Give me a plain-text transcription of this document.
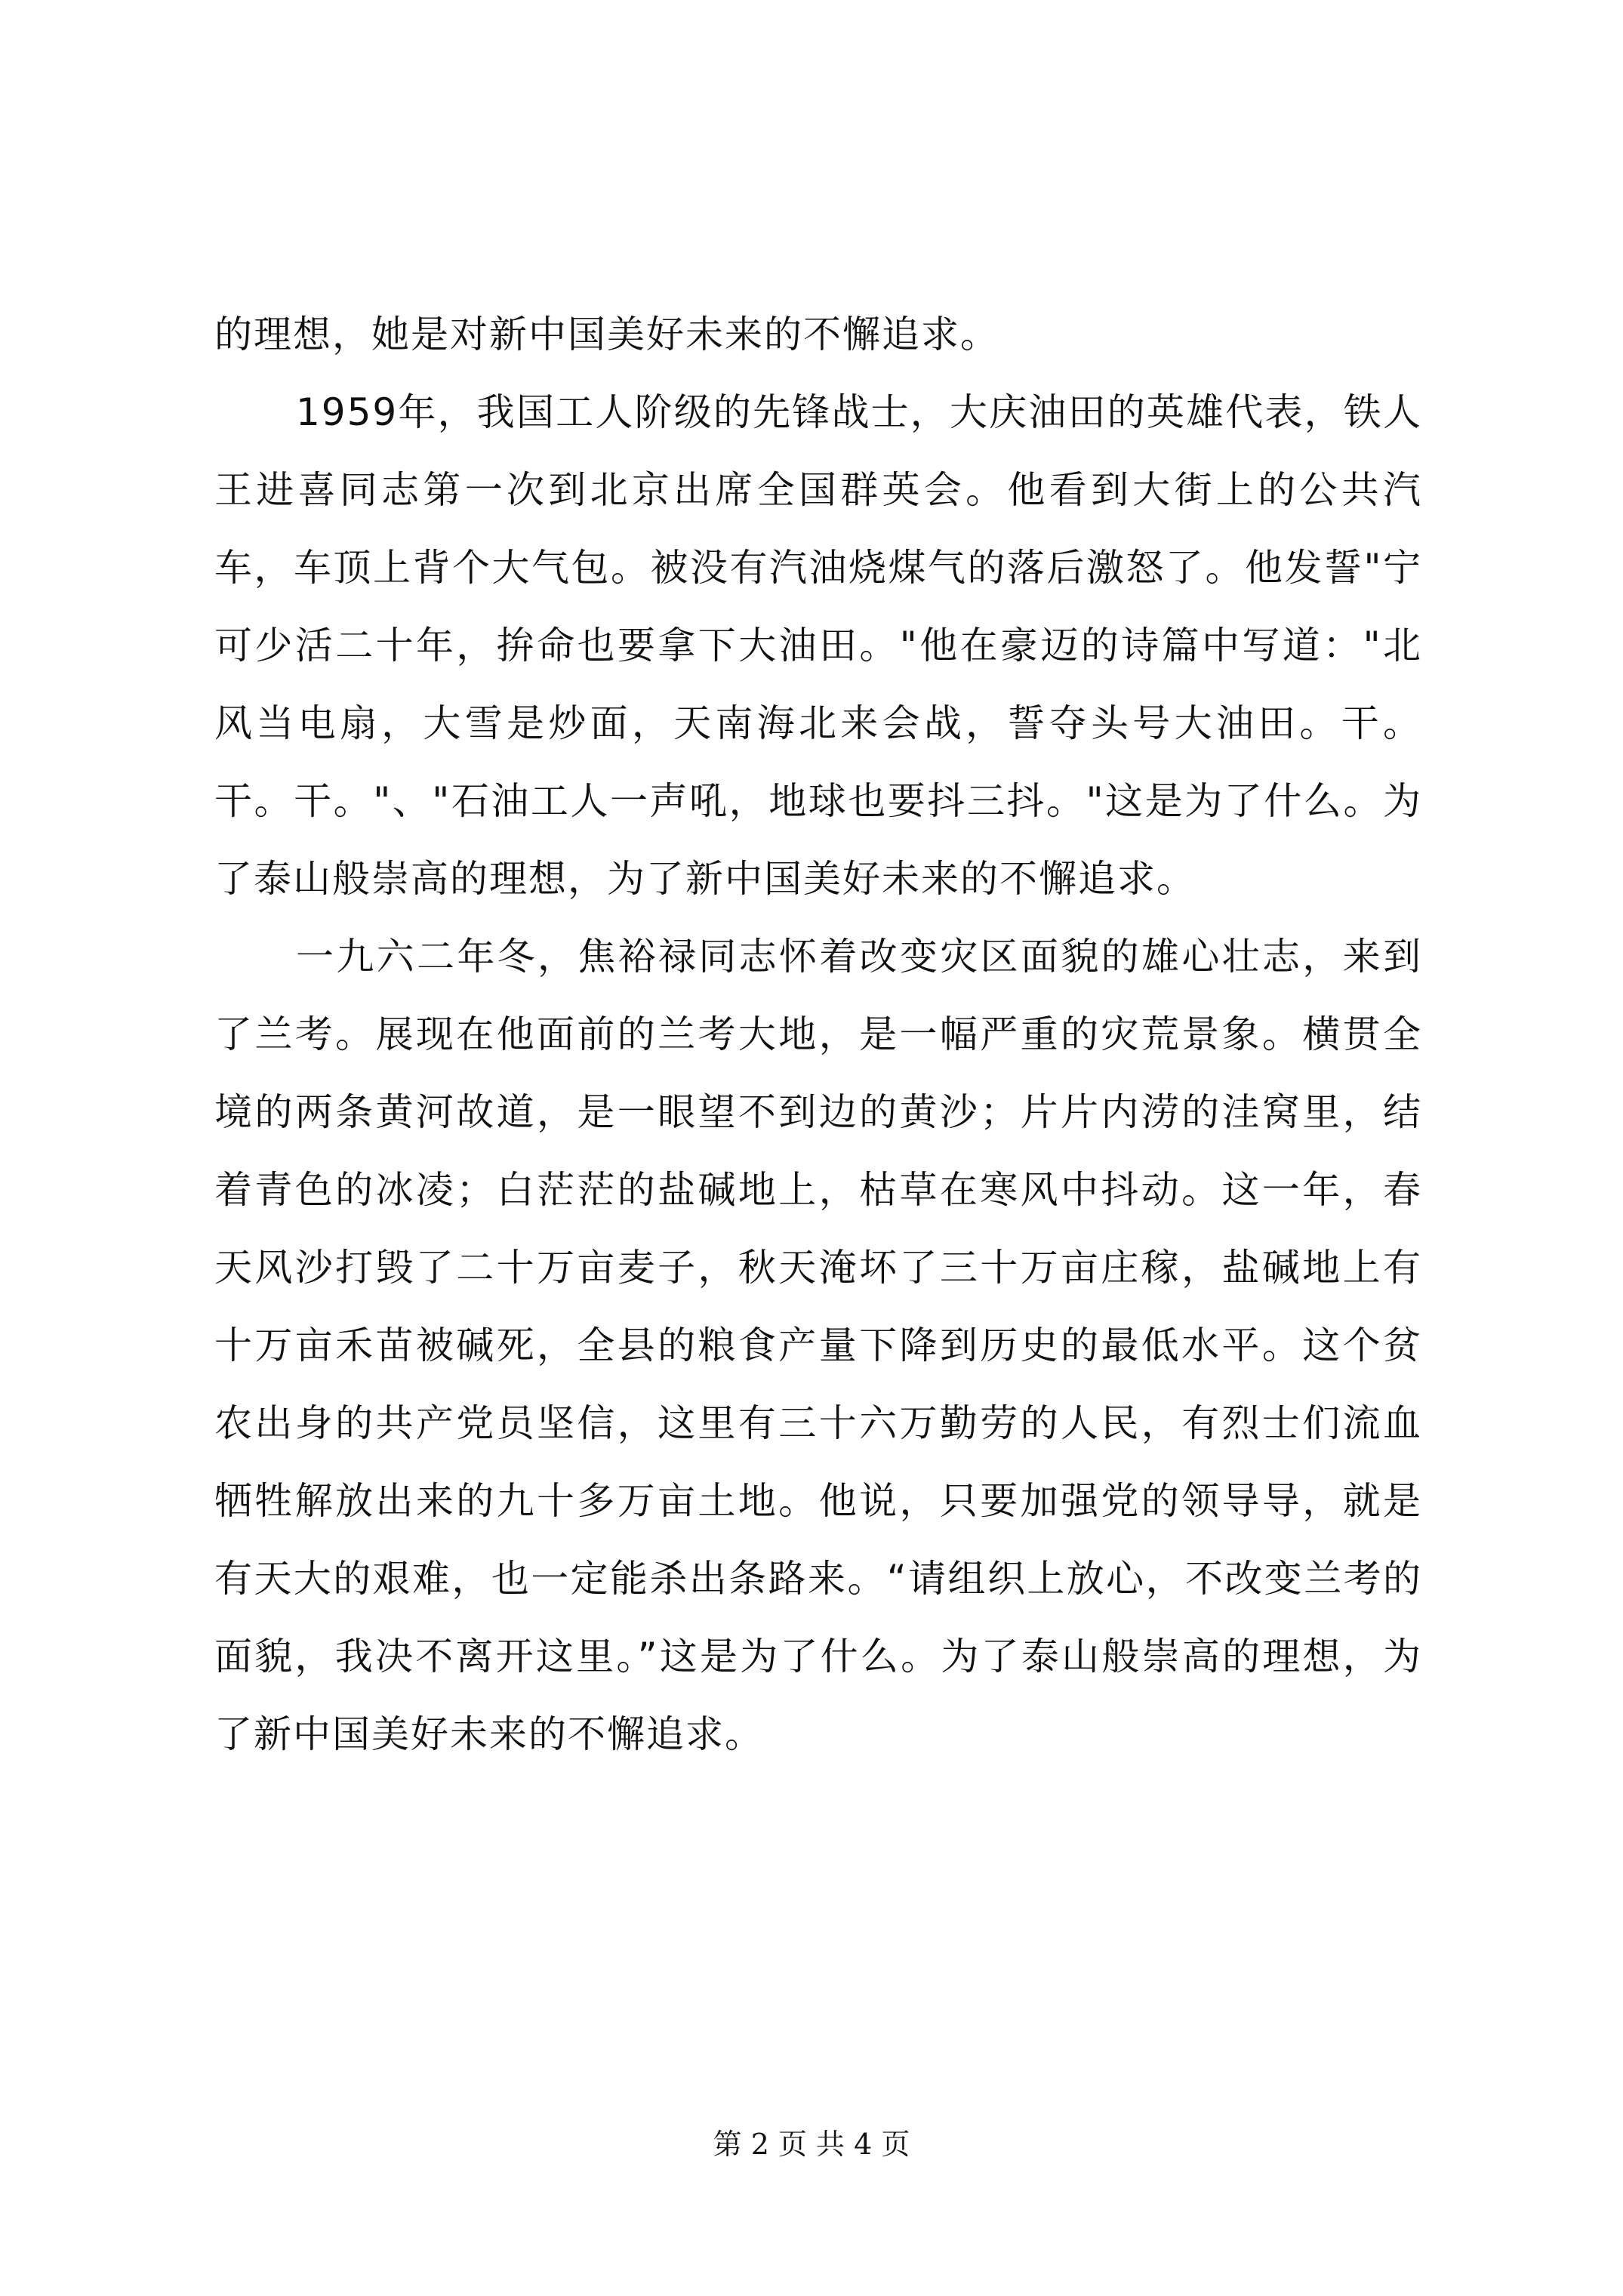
的理想，她是对新中国美好未来的不懈追求。

1959年，我国工人阶级的先锋战士，大庆油田的英雄代表，铁人王进喜同志第一次到北京出席全国群英会。他看到大街上的公共汽车，车顶上背个大气包。被没有汽油烧煤气的落后激怒了。他发誓"宁可少活二十年，拚命也要拿下大油田。"他在豪迈的诗篇中写道："北风当电扇，大雪是炒面，天南海北来会战，誓夺头号大油田。干。干。干。"、"石油工人一声吼，地球也要抖三抖。"这是为了什么。为了泰山般崇高的理想，为了新中国美好未来的不懈追求。

一九六二年冬，焦裕禄同志怀着改变灾区面貌的雄心壮志，来到了兰考。展现在他面前的兰考大地，是一幅严重的灾荒景象。横贯全境的两条黄河故道，是一眼望不到边的黄沙；片片内涝的洼窝里，结着青色的冰凌；白茫茫的盐碱地上，枯草在寒风中抖动。这一年，春天风沙打毁了二十万亩麦子，秋天淹坏了三十万亩庄稼，盐碱地上有十万亩禾苗被碱死，全县的粮食产量下降到历史的最低水平。这个贫农出身的共产党员坚信，这里有三十六万勤劳的人民，有烈士们流血牺牲解放出来的九十多万亩土地。他说，只要加强党的领导导，就是有天大的艰难，也一定能杀出条路来。“请组织上放心，不改变兰考的面貌，我决不离开这里。”这是为了什么。为了泰山般崇高的理想，为了新中国美好未来的不懈追求。

第 2 页 共 4 页
